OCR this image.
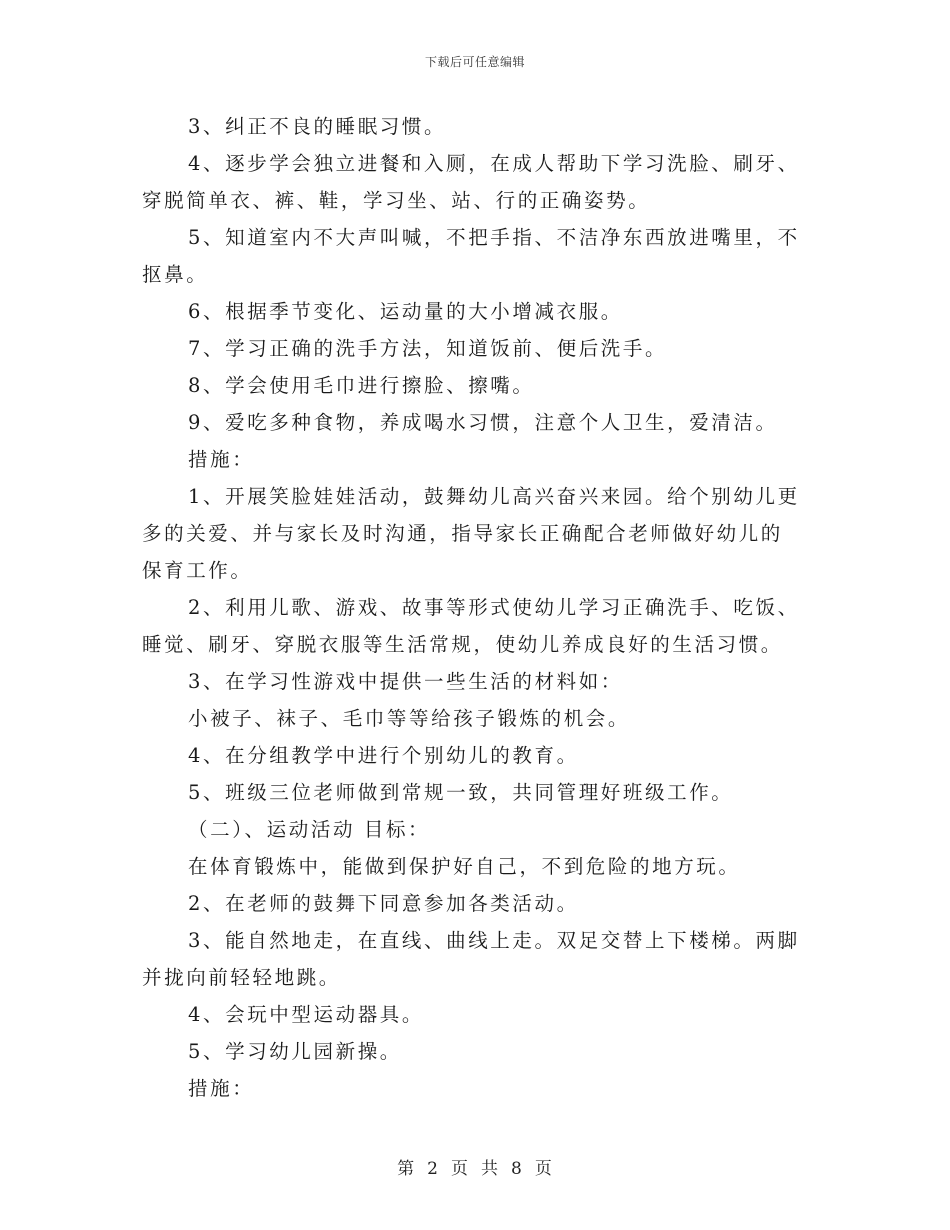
下载后可任意编辑

3、纠正不良的睡眠习惯。

4、逐步学会独立进餐和入厕，在成人帮助下学习洗脸、刷牙、穿脱简单衣、裤、鞋，学习坐、站、行的正确姿势。

5、知道室内不大声叫喊，不把手指、不洁净东西放进嘴里，不抠鼻。

6、根据季节变化、运动量的大小增减衣服。

7、学习正确的洗手方法，知道饭前、便后洗手。

8、学会使用毛巾进行擦脸、擦嘴。

9、爱吃多种食物，养成喝水习惯，注意个人卫生，爱清洁。

措施：

1、开展笑脸娃娃活动，鼓舞幼儿高兴奋兴来园。给个别幼儿更多的关爱、并与家长及时沟通，指导家长正确配合老师做好幼儿的保育工作。

2、利用儿歌、游戏、故事等形式使幼儿学习正确洗手、吃饭、睡觉、刷牙、穿脱衣服等生活常规，使幼儿养成良好的生活习惯。

3、在学习性游戏中提供一些生活的材料如：

小被子、袜子、毛巾等等给孩子锻炼的机会。

4、在分组教学中进行个别幼儿的教育。

5、班级三位老师做到常规一致，共同管理好班级工作。

（二）、运动活动 目标：

在体育锻炼中，能做到保护好自己，不到危险的地方玩。

2、在老师的鼓舞下同意参加各类活动。

3、能自然地走，在直线、曲线上走。双足交替上下楼梯。两脚并拢向前轻轻地跳。

4、会玩中型运动器具。

5、学习幼儿园新操。

措施：

第 2 页 共 8 页
